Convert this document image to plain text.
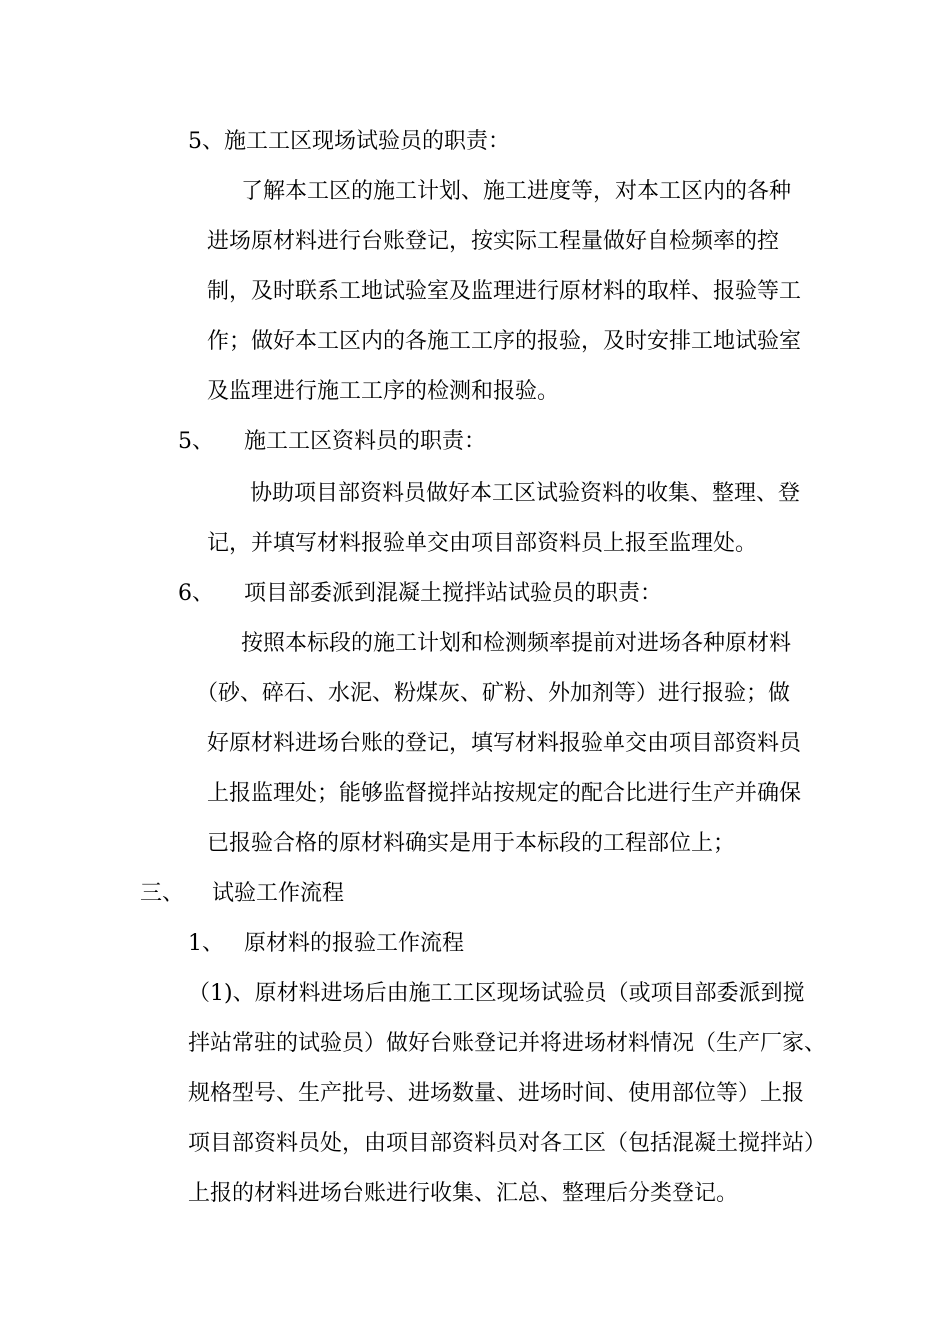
5、施工工区现场试验员的职责：
了解本工区的施工计划、施工进度等，对本工区内的各种
进场原材料进行台账登记，按实际工程量做好自检频率的控
制，及时联系工地试验室及监理进行原材料的取样、报验等工
作；做好本工区内的各施工工序的报验，及时安排工地试验室
及监理进行施工工序的检测和报验。
5、 施工工区资料员的职责：
协助项目部资料员做好本工区试验资料的收集、整理、登
记，并填写材料报验单交由项目部资料员上报至监理处。
6、 项目部委派到混凝土搅拌站试验员的职责：
按照本标段的施工计划和检测频率提前对进场各种原材料
（砂、碎石、水泥、粉煤灰、矿粉、外加剂等）进行报验；做
好原材料进场台账的登记，填写材料报验单交由项目部资料员
上报监理处；能够监督搅拌站按规定的配合比进行生产并确保
已报验合格的原材料确实是用于本标段的工程部位上；
三、 试验工作流程
1、 原材料的报验工作流程
（1)、原材料进场后由施工工区现场试验员（或项目部委派到搅
拌站常驻的试验员）做好台账登记并将进场材料情况（生产厂家、
规格型号、生产批号、进场数量、进场时间、使用部位等）上报
项目部资料员处，由项目部资料员对各工区（包括混凝土搅拌站）
上报的材料进场台账进行收集、汇总、整理后分类登记。
